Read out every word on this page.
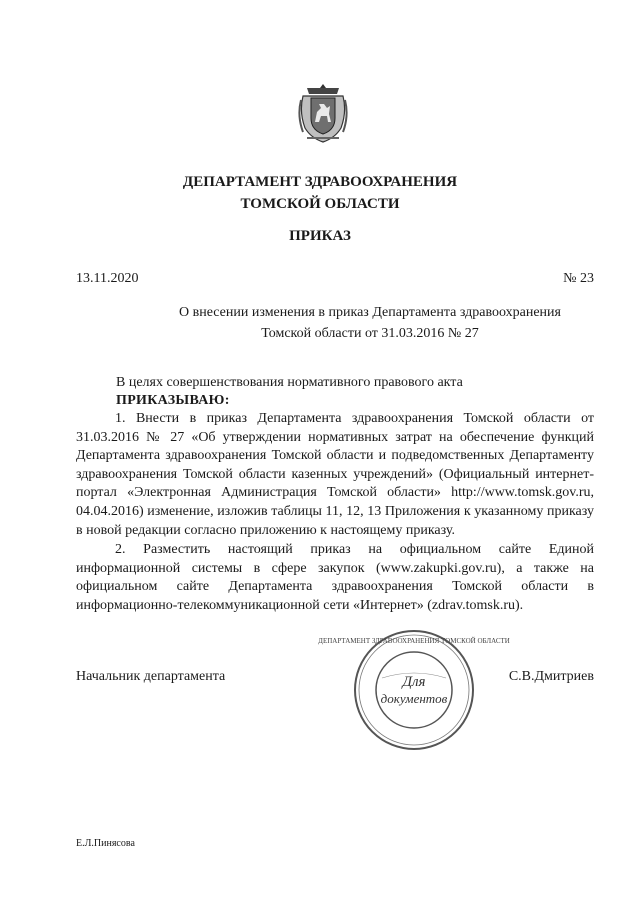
ДЕПАРТАМЕНТ ЗДРАВООХРАНЕНИЯ
ТОМСКОЙ ОБЛАСТИ
ПРИКАЗ
13.11.2020	№ 23
О внесении изменения в приказ Департамента здравоохранения
Томской области от 31.03.2016 № 27
В целях совершенствования нормативного правового акта
ПРИКАЗЫВАЮ:
1. Внести в приказ Департамента здравоохранения Томской области от 31.03.2016 № 27 «Об утверждении нормативных затрат на обеспечение функций Департамента здравоохранения Томской области и подведомственных Департаменту здравоохранения Томской области казенных учреждений» (Официальный интернет-портал «Электронная Администрация Томской области» http://www.tomsk.gov.ru, 04.04.2016) изменение, изложив таблицы 11, 12, 13 Приложения к указанному приказу в новой редакции согласно приложению к настоящему приказу.
2. Разместить настоящий приказ на официальном сайте Единой информационной системы в сфере закупок (www.zakupki.gov.ru), а также на официальном сайте Департамента здравоохранения Томской области в информационно-телекоммуникационной сети «Интернет» (zdrav.tomsk.ru).
Начальник департамента	Для
документов
ДЕПАРТАМЕНТ ЗДРАВООХРАНЕНИЯ ТОМСКОЙ ОБЛАСТИ
С.В.Дмитриев
Е.Л.Пинясова
